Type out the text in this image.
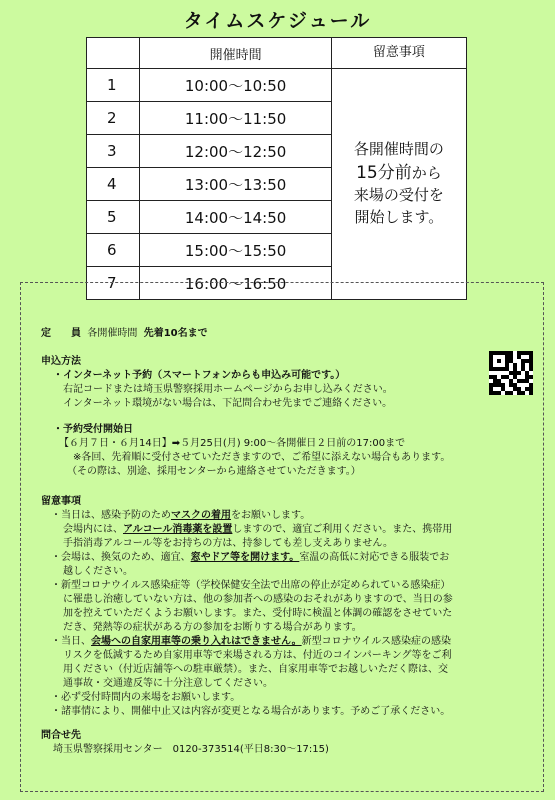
タイムスケジュール
	開催時間	留意事項
1	10:00〜10:50	各開催時間の
15分前から
来場の受付を
開始します。
2	11:00〜11:50	
3	12:00〜12:50	
4	13:00〜13:50	
5	14:00〜14:50	
6	15:00〜15:50	
7	16:00〜16:50	
定　　員 各開催時間 先着10名まで
申込方法
・インターネット予約（スマートフォンからも申込み可能です。）
右記コードまたは埼玉県警察採用ホームページからお申し込みください。
インターネット環境がない場合は、下記問合わせ先までご連絡ください。
・予約受付開始日
【６月７日・６月14日】➡５月25日(月) 9:00〜各開催日２日前の17:00まで
※各回、先着順に受付させていただきますので、ご希望に添えない場合もあります。
（その際は、別途、採用センターから連絡させていただきます。）
留意事項
・当日は、感染予防のためマスクの着用をお願いします。
会場内には、アルコール消毒薬を設置しますので、適宜ご利用ください。また、携帯用
手指消毒アルコール等をお持ちの方は、持参しても差し支えありません。
・会場は、換気のため、適宜、窓やドア等を開けます。室温の高低に対応できる服装でお
越しください。
・新型コロナウイルス感染症等（学校保健安全法で出席の停止が定められている感染症）
に罹患し治癒していない方は、他の参加者への感染のおそれがありますので、当日の参
加を控えていただくようお願いします。また、受付時に検温と体調の確認をさせていた
だき、発熱等の症状がある方の参加をお断りする場合があります。
・当日、会場への自家用車等の乗り入れはできません。新型コロナウイルス感染症の感染
リスクを低減するため自家用車等で来場される方は、付近のコインパーキング等をご利
用ください（付近店舗等への駐車厳禁）。また、自家用車等でお越しいただく際は、交
通事故・交通違反等に十分注意してください。
・必ず受付時間内の来場をお願いします。
・諸事情により、開催中止又は内容が変更となる場合があります。予めご了承ください。
問合せ先
埼玉県警察採用センター　0120-373514(平日8:30〜17:15)
